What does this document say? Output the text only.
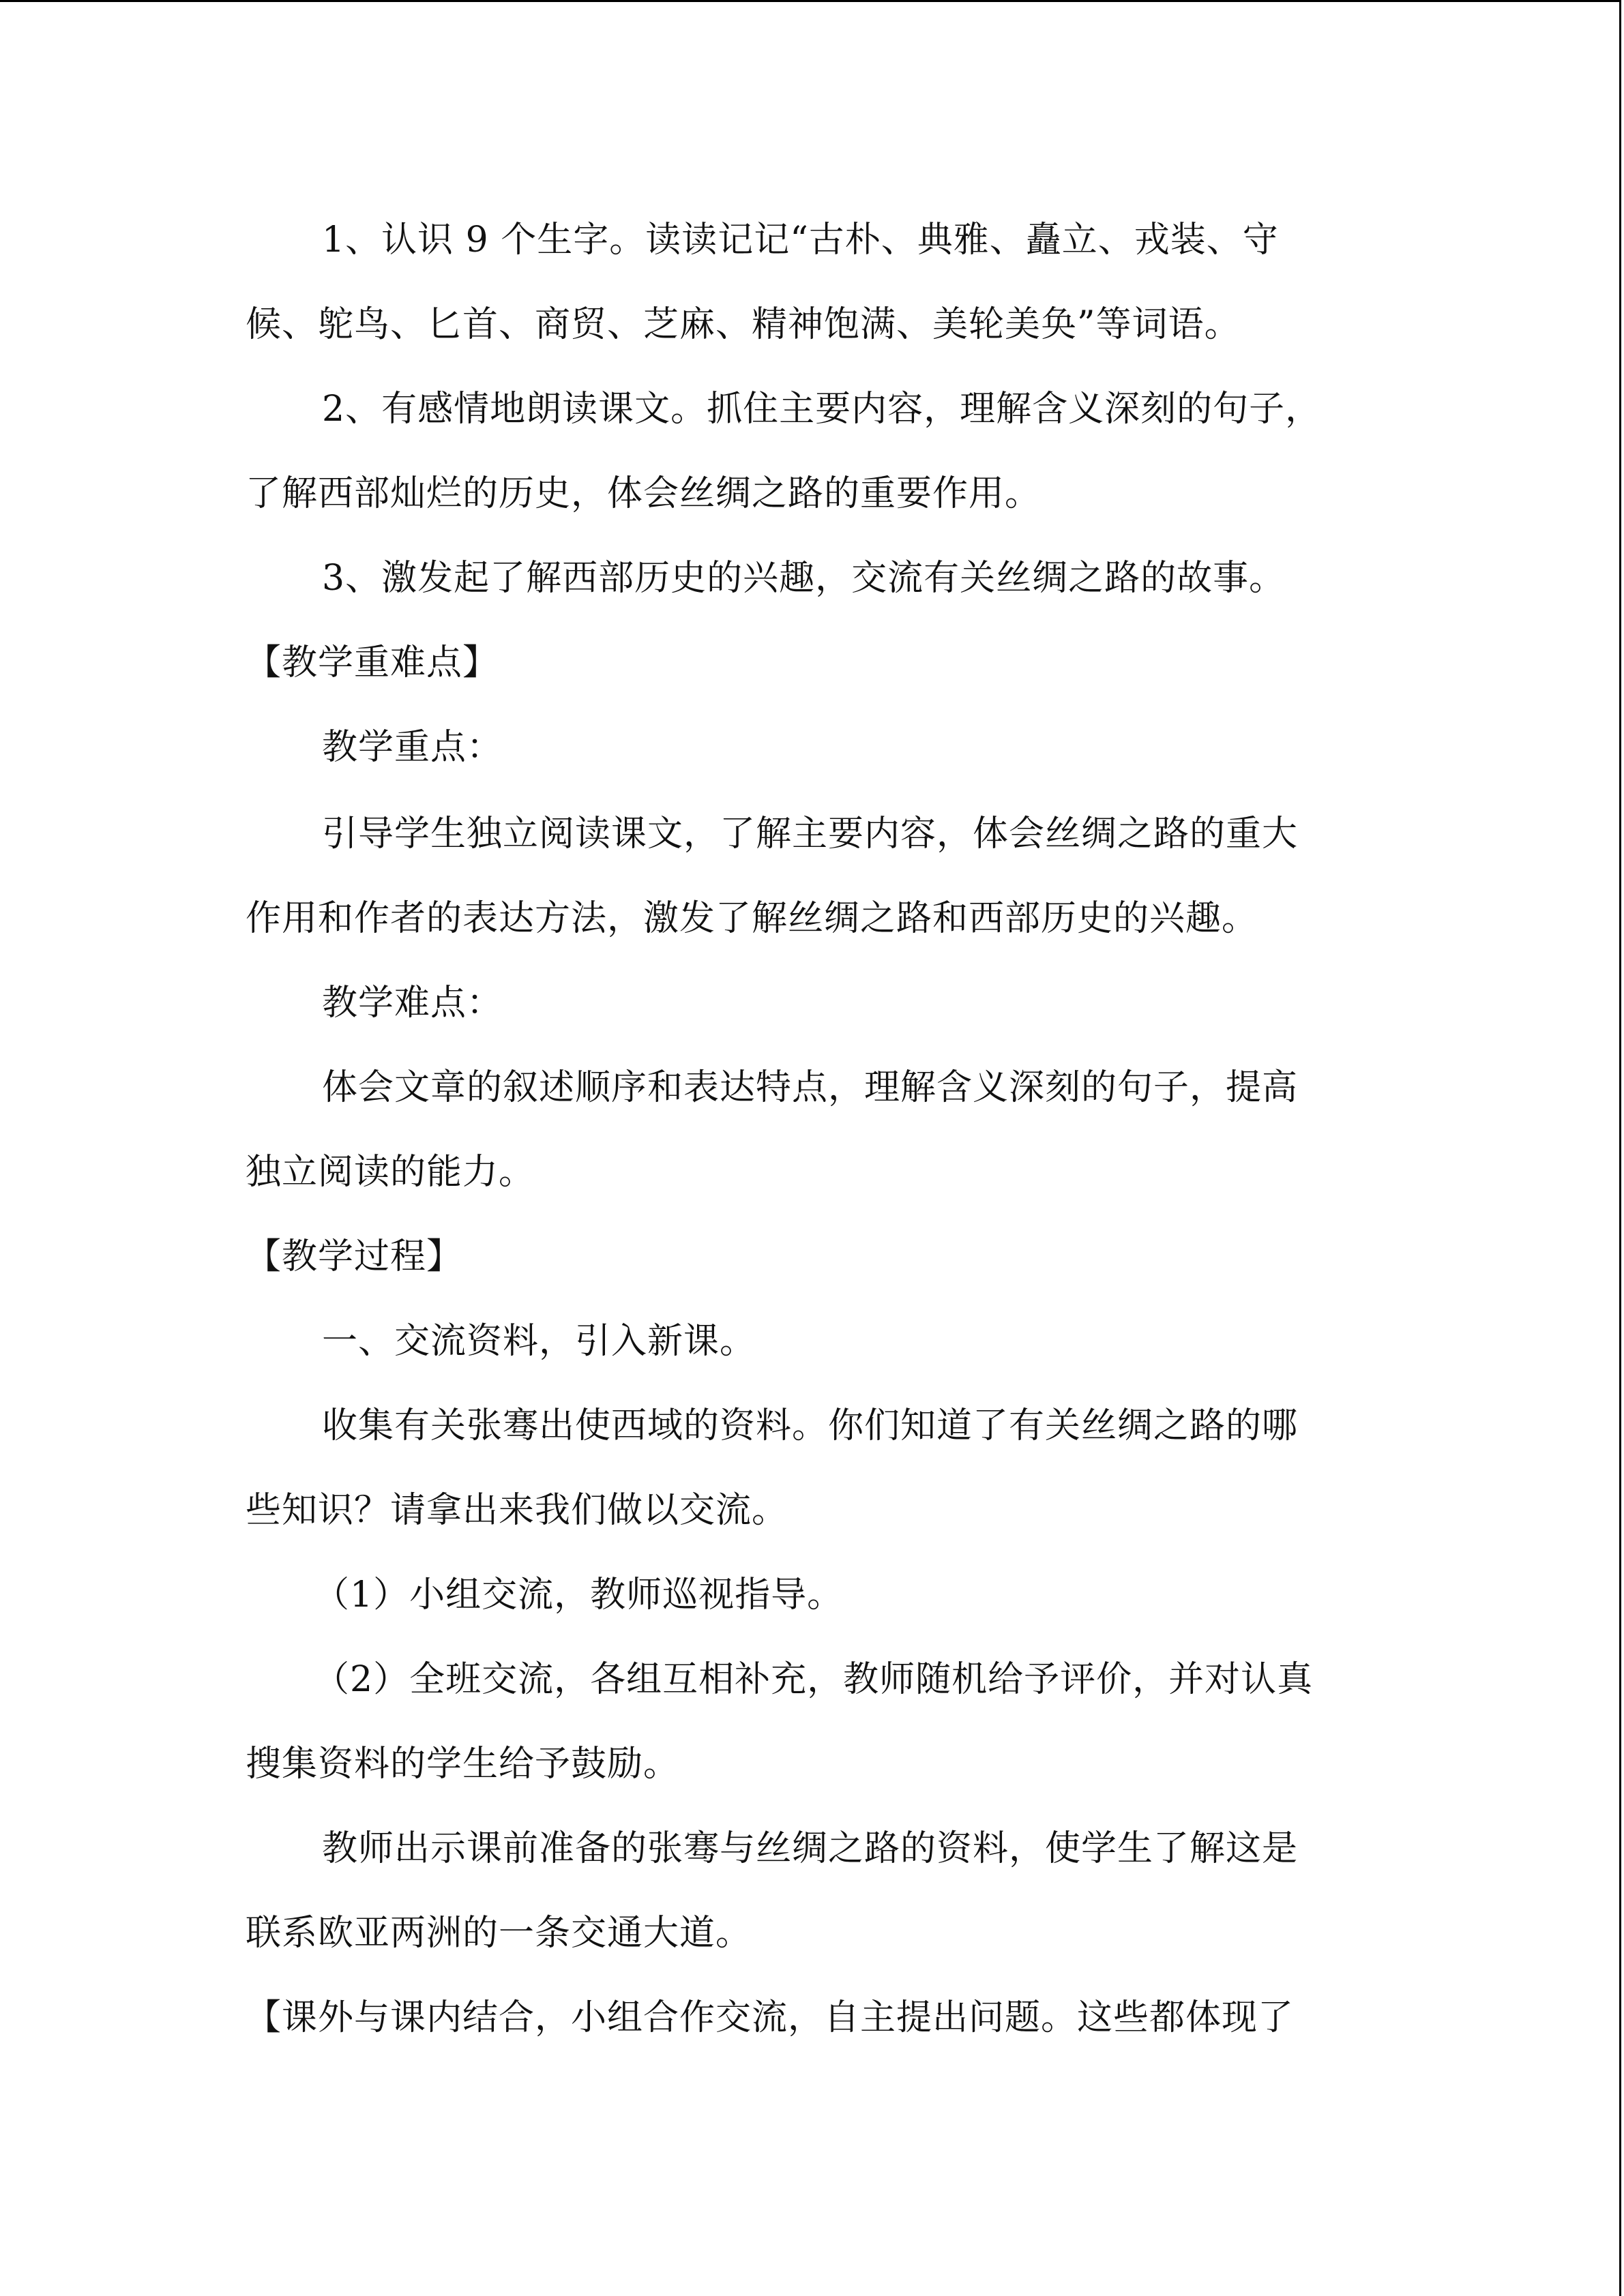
1、认识 9 个生字。读读记记“古朴、典雅、矗立、戎装、守
候、鸵鸟、匕首、商贸、芝麻、精神饱满、美轮美奂”等词语。
2、有感情地朗读课文。抓住主要内容，理解含义深刻的句子，
了解西部灿烂的历史，体会丝绸之路的重要作用。
3、激发起了解西部历史的兴趣，交流有关丝绸之路的故事。
【教学重难点】
教学重点：
引导学生独立阅读课文，了解主要内容，体会丝绸之路的重大
作用和作者的表达方法，激发了解丝绸之路和西部历史的兴趣。
教学难点：
体会文章的叙述顺序和表达特点，理解含义深刻的句子，提高
独立阅读的能力。
【教学过程】
一、交流资料，引入新课。
收集有关张骞出使西域的资料。你们知道了有关丝绸之路的哪
些知识？请拿出来我们做以交流。
（1）小组交流，教师巡视指导。
（2）全班交流，各组互相补充，教师随机给予评价，并对认真
搜集资料的学生给予鼓励。
教师出示课前准备的张骞与丝绸之路的资料，使学生了解这是
联系欧亚两洲的一条交通大道。
【课外与课内结合，小组合作交流，自主提出问题。这些都体现了
